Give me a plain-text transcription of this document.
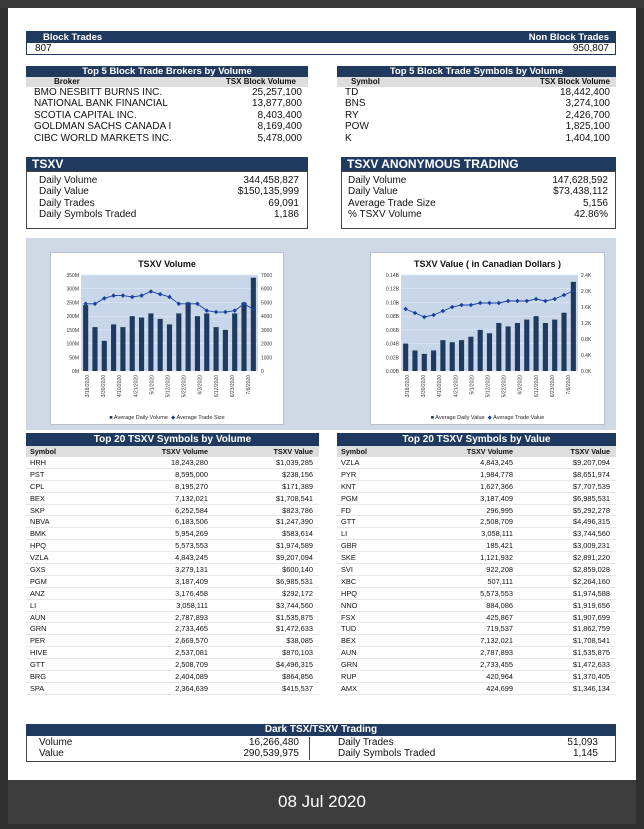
Block Trades	Non Block Trades
807	950,807
Top 5 Block Trade Brokers by Volume
Broker	TSX Block Volume
BMO NESBITT BURNS INC.	25,257,100
NATIONAL BANK FINANCIAL	13,877,800
SCOTIA CAPITAL INC.	8,403,400
GOLDMAN SACHS CANADA I	8,169,400
CIBC WORLD MARKETS INC.	5,478,000
Top 5 Block Trade Symbols by Volume
Symbol	TSX Block Volume
TD	18,442,400
BNS	3,274,100
RY	2,426,700
POW	1,825,100
K	1,404,100
TSXV
Daily Volume	344,458,827
Daily Value	$150,135,999
Daily Trades	69,091
Daily Symbols Traded	1,186
TSXV ANONYMOUS TRADING
Daily Volume	147,628,592
Daily Value	$73,438,112
Average Trade Size	5,156
% TSXV Volume	42.86%
TSXV Volume
0M
50M
100M
150M
200M
250M
300M
350M
0
1000
2000
3000
4000
5000
6000
7000
3/18/2020 3/30/2020 4/10/2020 4/21/2020 5/1/2020 5/12/2020 5/22/2020 6/3/2020 6/12/2020 6/23/2020 7/6/2020
■ Average Daily Volume ◆ Average Trade Size
TSXV Value ( in Canadian Dollars )
0.00B
0.02B
0.04B
0.06B
0.08B
0.10B
0.12B
0.14B
0.0K
0.4K
0.8K
1.2K
1.6K
2.0K
2.4K
3/18/2020 3/30/2020 4/10/2020 4/21/2020 5/1/2020 5/12/2020 5/22/2020 6/3/2020 6/12/2020 6/23/2020 7/6/2020
■ Average Daily Value ◆ Average Trade Value
Top 20 TSXV Symbols by Volume
Symbol	TSXV Volume	TSXV Value
HRH	18,243,280	$1,039,285
PST	8,595,000	$238,156
CPL	8,195,270	$171,389
BEX	7,132,021	$1,708,541
SKP	6,252,584	$823,786
NBVA	6,183,506	$1,247,390
BMK	5,954,269	$583,614
HPQ	5,573,553	$1,974,589
VZLA	4,843,245	$9,207,094
GXS	3,279,131	$600,140
PGM	3,187,409	$6,985,531
ANZ	3,176,458	$292,172
LI	3,058,111	$3,744,560
AUN	2,787,893	$1,535,875
GRN	2,733,465	$1,472,633
PER	2,669,570	$38,085
HIVE	2,537,081	$870,103
GTT	2,508,709	$4,496,315
BRG	2,404,089	$864,856
SPA	2,364,639	$415,537
Top 20 TSXV Symbols by Value
Symbol	TSXV Volume	TSXV Value
VZLA	4,843,245	$9,207,094
PYR	1,984,778	$8,651,974
KNT	1,627,366	$7,707,539
PGM	3,187,409	$6,985,531
FD	296,995	$5,292,278
GTT	2,508,709	$4,496,315
LI	3,058,111	$3,744,560
GBR	185,421	$3,009,231
SKE	1,121,932	$2,891,220
SVI	922,208	$2,859,028
XBC	507,111	$2,264,160
HPQ	5,573,553	$1,974,588
NNO	884,086	$1,919,656
FSX	425,867	$1,907,699
TUD	719,537	$1,862,759
BEX	7,132,021	$1,708,541
AUN	2,787,893	$1,535,875
GRN	2,733,455	$1,472,633
RUP	420,964	$1,370,405
AMX	424,699	$1,346,134
Dark TSX/TSXV Trading
Volume	16,266,480
Value	290,539,975
Daily Trades	51,093
Daily Symbols Traded	1,145
08 Jul 2020
